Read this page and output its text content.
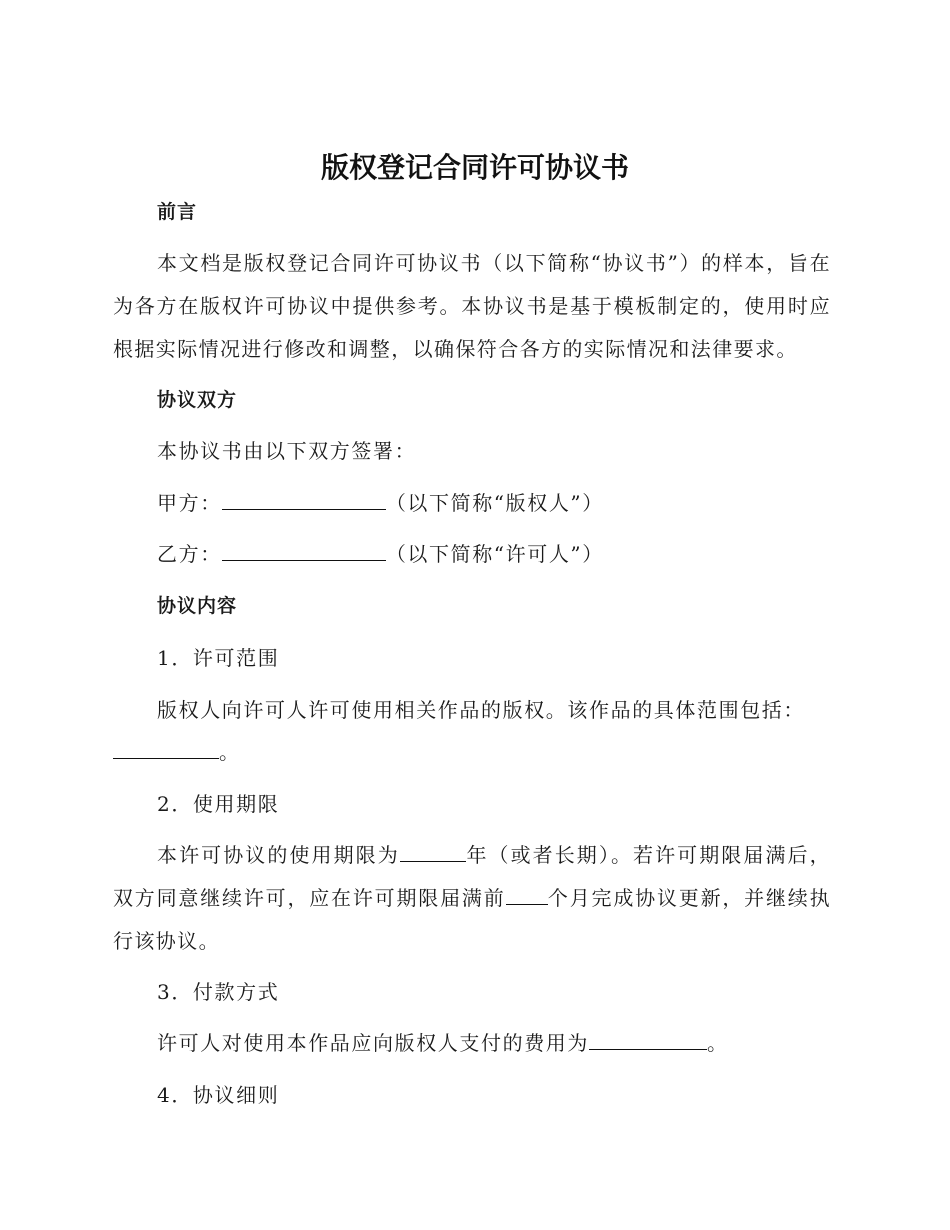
版权登记合同许可协议书
前言
本文档是版权登记合同许可协议书（以下简称“协议书”）的样本，旨在为各方在版权许可协议中提供参考。本协议书是基于模板制定的，使用时应根据实际情况进行修改和调整，以确保符合各方的实际情况和法律要求。
协议双方
本协议书由以下双方签署：
甲方：	（以下简称“版权人”）
乙方：	（以下简称“许可人”）
协议内容
1．许可范围
版权人向许可人许可使用相关作品的版权。该作品的具体范围包括：
。
2．使用期限
本许可协议的使用期限为	年（或者长期）。若许可期限届满后，双方同意继续许可，应在许可期限届满前 个月完成协议更新，并继续执行该协议。
3．付款方式
许可人对使用本作品应向版权人支付的费用为	。
4．协议细则
